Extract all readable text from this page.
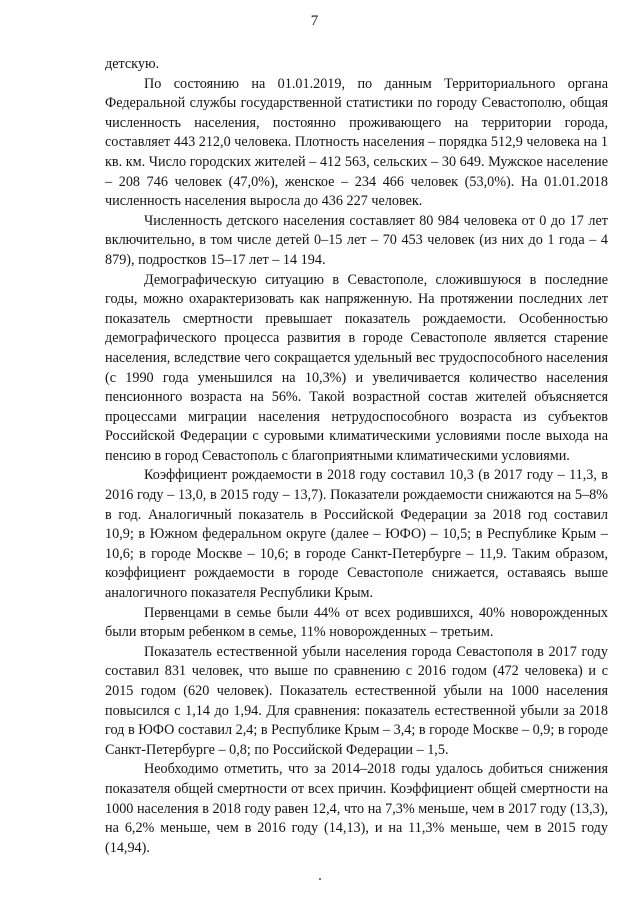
7

детскую.

По состоянию на 01.01.2019, по данным Территориального органа Федеральной службы государственной статистики по городу Севастополю, общая численность населения, постоянно проживающего на территории города, составляет 443 212,0 человека. Плотность населения – порядка 512,9 человека на 1 кв. км. Число городских жителей – 412 563, сельских – 30 649. Мужское население – 208 746 человек (47,0%), женское – 234 466 человек (53,0%). На 01.01.2018 численность населения выросла до 436 227 человек.

Численность детского населения составляет 80 984 человека от 0 до 17 лет включительно, в том числе детей 0–15 лет – 70 453 человек (из них до 1 года – 4 879), подростков 15–17 лет – 14 194.

Демографическую ситуацию в Севастополе, сложившуюся в последние годы, можно охарактеризовать как напряженную. На протяжении последних лет показатель смертности превышает показатель рождаемости. Особенностью демографического процесса развития в городе Севастополе является старение населения, вследствие чего сокращается удельный вес трудоспособного населения (с 1990 года уменьшился на 10,3%) и увеличивается количество населения пенсионного возраста на 56%. Такой возрастной состав жителей объясняется процессами миграции населения нетрудоспособного возраста из субъектов Российской Федерации с суровыми климатическими условиями после выхода на пенсию в город Севастополь с благоприятными климатическими условиями.

Коэффициент рождаемости в 2018 году составил 10,3 (в 2017 году – 11,3, в 2016 году – 13,0, в 2015 году – 13,7). Показатели рождаемости снижаются на 5–8% в год. Аналогичный показатель в Российской Федерации за 2018 год составил 10,9; в Южном федеральном округе (далее – ЮФО) – 10,5; в Республике Крым – 10,6; в городе Москве – 10,6; в городе Санкт-Петербурге – 11,9. Таким образом, коэффициент рождаемости в городе Севастополе снижается, оставаясь выше аналогичного показателя Республики Крым.

Первенцами в семье были 44% от всех родившихся, 40% новорожденных были вторым ребенком в семье, 11% новорожденных – третьим.

Показатель естественной убыли населения города Севастополя в 2017 году составил 831 человек, что выше по сравнению с 2016 годом (472 человека) и с 2015 годом (620 человек). Показатель естественной убыли на 1000 населения повысился с 1,14 до 1,94. Для сравнения: показатель естественной убыли за 2018 год в ЮФО составил 2,4; в Республике Крым – 3,4; в городе Москве – 0,9; в городе Санкт-Петербурге – 0,8; по Российской Федерации – 1,5.

Необходимо отметить, что за 2014–2018 годы удалось добиться снижения показателя общей смертности от всех причин. Коэффициент общей смертности на 1000 населения в 2018 году равен 12,4, что на 7,3% меньше, чем в 2017 году (13,3), на 6,2% меньше, чем в 2016 году (14,13), и на 11,3% меньше, чем в 2015 году (14,94).
